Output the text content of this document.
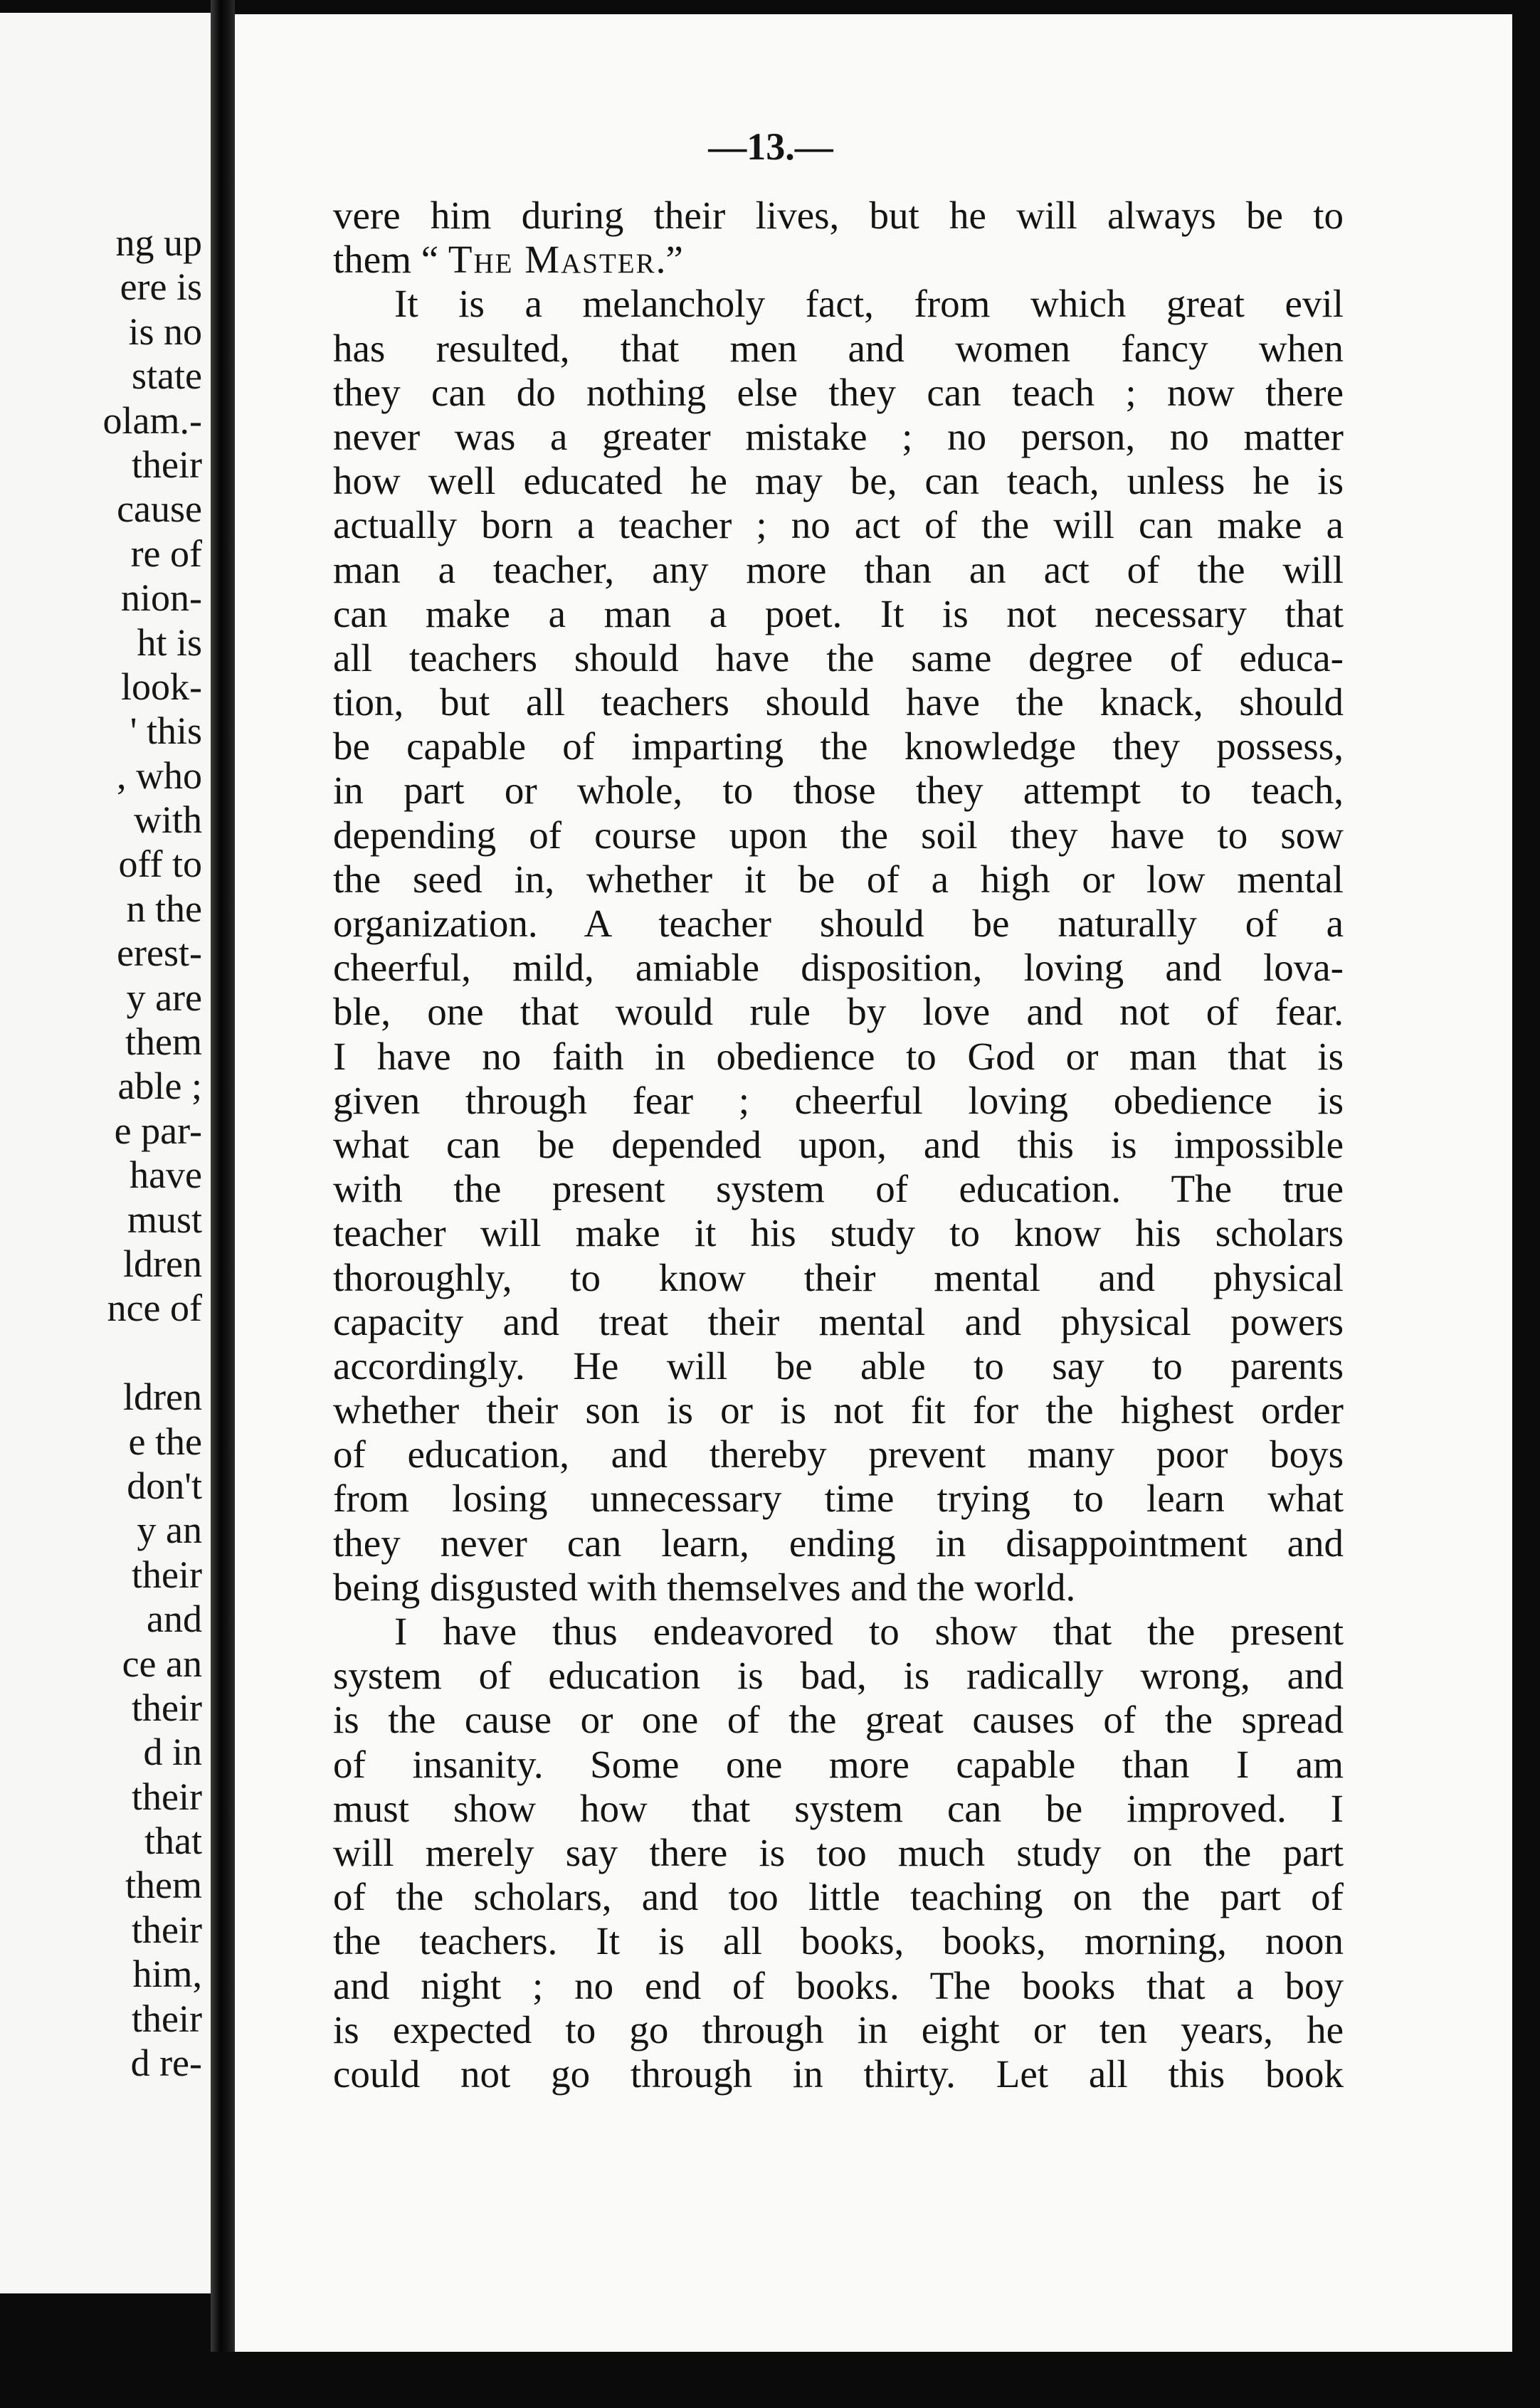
ng up
ere is
is no
state
olam.-
their
cause
re of
nion-
ht is
look-
' this
, who
with
off to
n the
erest-
y are
them
able ;
e par-
have
must
ldren
nce of
ldren
e the
don't
y an
their
and
ce an
their
d in
their
that
them
their
him,
their
d re-
—13.—
vere him during their lives, but he will always be to
them “ The Master.”
It is a melancholy fact, from which great evil
has resulted, that men and women fancy when
they can do nothing else they can teach ; now there
never was a greater mistake ; no person, no matter
how well educated he may be, can teach, unless he is
actually born a teacher ; no act of the will can make a
man a teacher, any more than an act of the will
can make a man a poet. It is not necessary that
all teachers should have the same degree of educa-
tion, but all teachers should have the knack, should
be capable of imparting the knowledge they possess,
in part or whole, to those they attempt to teach,
depending of course upon the soil they have to sow
the seed in, whether it be of a high or low mental
organization. A teacher should be naturally of a
cheerful, mild, amiable disposition, loving and lova-
ble, one that would rule by love and not of fear.
I have no faith in obedience to God or man that is
given through fear ; cheerful loving obedience is
what can be depended upon, and this is impossible
with the present system of education. The true
teacher will make it his study to know his scholars
thoroughly, to know their mental and physical
capacity and treat their mental and physical powers
accordingly. He will be able to say to parents
whether their son is or is not fit for the highest order
of education, and thereby prevent many poor boys
from losing unnecessary time trying to learn what
they never can learn, ending in disappointment and
being disgusted with themselves and the world.
I have thus endeavored to show that the present
system of education is bad, is radically wrong, and
is the cause or one of the great causes of the spread
of insanity. Some one more capable than I am
must show how that system can be improved. I
will merely say there is too much study on the part
of the scholars, and too little teaching on the part of
the teachers. It is all books, books, morning, noon
and night ; no end of books. The books that a boy
is expected to go through in eight or ten years, he
could not go through in thirty. Let all this book
